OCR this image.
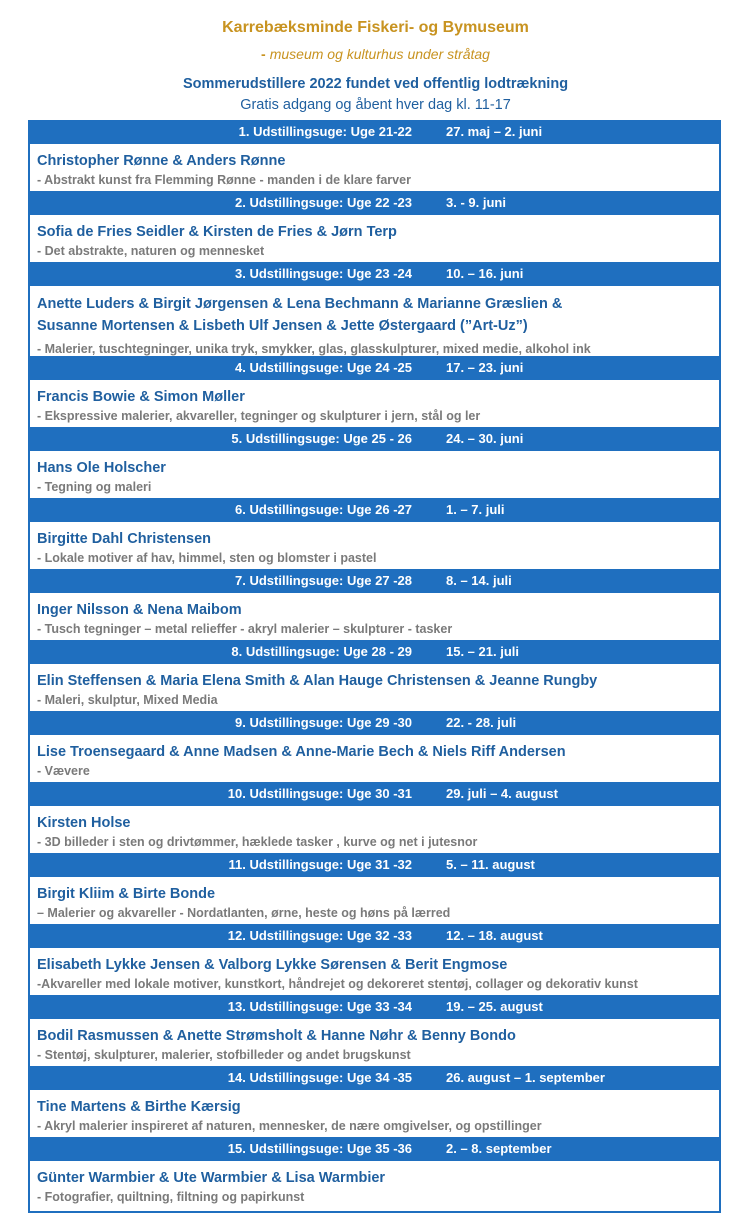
Karrebæksminde Fiskeri- og Bymuseum
- museum og kulturhus under stråtag
Sommerudstillere 2022 fundet ved offentlig lodtrækning
Gratis adgang og åbent hver dag kl. 11-17
1. Udstillingsuge: Uge 21-22	27. maj – 2. juni
Christopher Rønne & Anders Rønne
- Abstrakt kunst fra Flemming Rønne - manden i de klare farver
2. Udstillingsuge: Uge 22 -23	3. - 9. juni
Sofia de Fries Seidler & Kirsten de Fries & Jørn Terp
- Det abstrakte, naturen og mennesket
3. Udstillingsuge: Uge 23 -24	10. – 16. juni
Anette Luders & Birgit Jørgensen & Lena Bechmann & Marianne Græslien &
Susanne Mortensen & Lisbeth Ulf Jensen & Jette Østergaard (”Art-Uz”)
- Malerier, tuschtegninger, unika tryk, smykker, glas, glasskulpturer, mixed medie, alkohol ink
4. Udstillingsuge: Uge 24 -25	17. – 23. juni
Francis Bowie & Simon Møller
- Ekspressive malerier, akvareller, tegninger og skulpturer i jern, stål og ler
5. Udstillingsuge: Uge 25 - 26	24. – 30. juni
Hans Ole Holscher
- Tegning og maleri
6. Udstillingsuge: Uge 26 -27	1. – 7. juli
Birgitte Dahl Christensen
- Lokale motiver af hav, himmel, sten og blomster i pastel
7. Udstillingsuge: Uge 27 -28	8. – 14. juli
Inger Nilsson & Nena Maibom
- Tusch tegninger – metal relieffer - akryl malerier – skulpturer - tasker
8. Udstillingsuge: Uge 28 - 29	15. – 21. juli
Elin Steffensen & Maria Elena Smith & Alan Hauge Christensen & Jeanne Rungby
- Maleri, skulptur, Mixed Media
9. Udstillingsuge: Uge 29 -30	22. - 28. juli
Lise Troensegaard & Anne Madsen & Anne-Marie Bech & Niels Riff Andersen
- Vævere
10. Udstillingsuge: Uge 30 -31	29. juli – 4. august
Kirsten Holse
- 3D billeder i sten og drivtømmer, hæklede tasker , kurve og net i jutesnor
11. Udstillingsuge: Uge 31 -32	5. – 11. august
Birgit Kliim & Birte Bonde
– Malerier og akvareller - Nordatlanten, ørne, heste og høns på lærred
12. Udstillingsuge: Uge 32 -33	12. – 18. august
Elisabeth Lykke Jensen & Valborg Lykke Sørensen & Berit Engmose
-Akvareller med lokale motiver, kunstkort, håndrejet og dekoreret stentøj, collager og dekorativ kunst
13. Udstillingsuge: Uge 33 -34	19. – 25. august
Bodil Rasmussen & Anette Strømsholt & Hanne Nøhr & Benny Bondo
- Stentøj, skulpturer, malerier, stofbilleder og andet brugskunst
14. Udstillingsuge: Uge 34 -35	26. august – 1. september
Tine Martens & Birthe Kærsig
- Akryl malerier inspireret af naturen, mennesker, de nære omgivelser, og opstillinger
15. Udstillingsuge: Uge 35 -36	2. – 8. september
Günter Warmbier & Ute Warmbier & Lisa Warmbier
- Fotografier, quiltning, filtning og papirkunst
